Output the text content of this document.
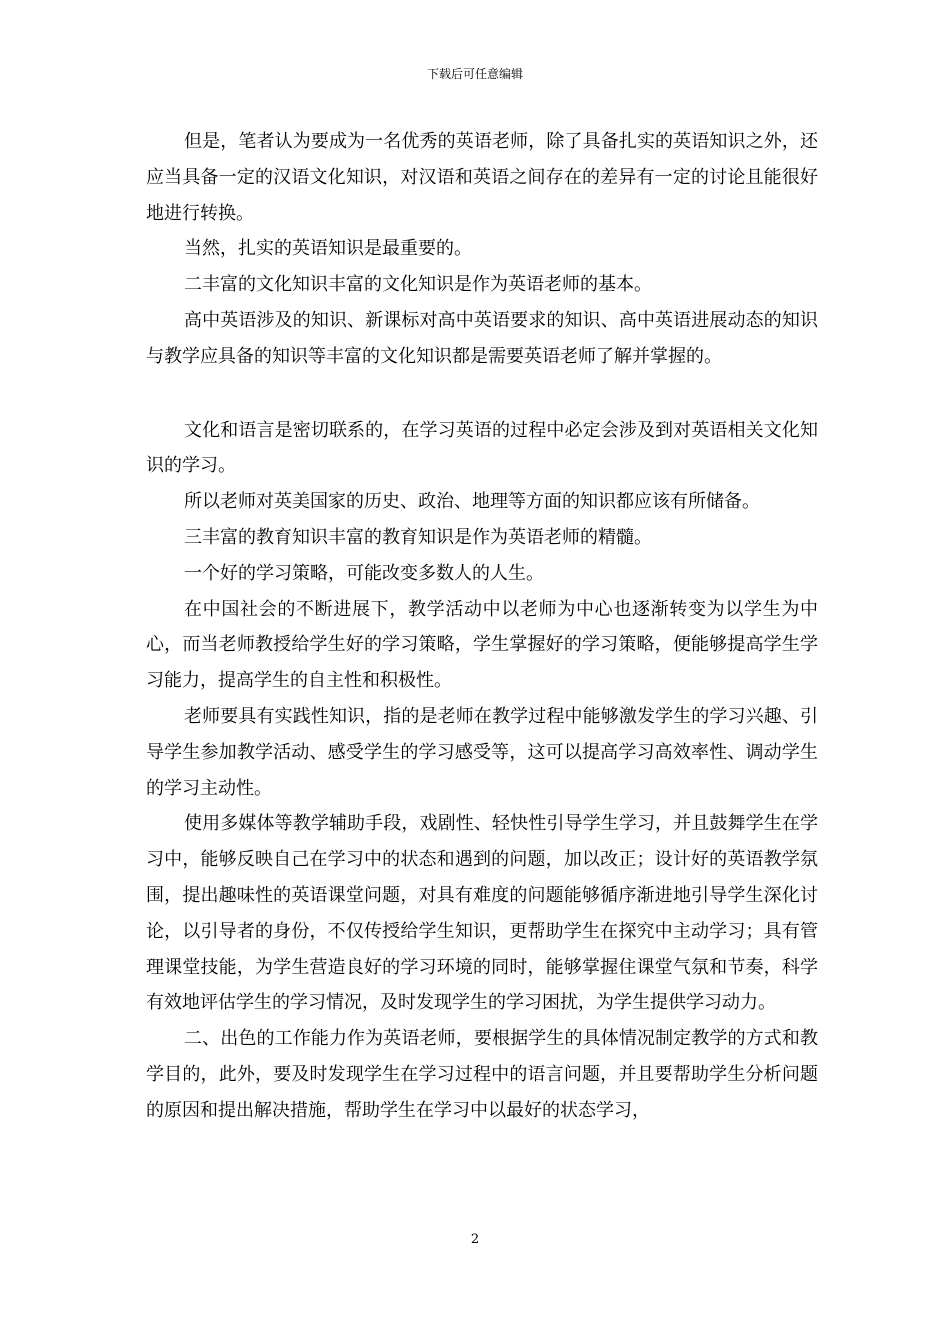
下载后可任意编辑

但是，笔者认为要成为一名优秀的英语老师，除了具备扎实的英语知识之外，还应当具备一定的汉语文化知识，对汉语和英语之间存在的差异有一定的讨论且能很好地进行转换。

当然，扎实的英语知识是最重要的。

二丰富的文化知识丰富的文化知识是作为英语老师的基本。

高中英语涉及的知识、新课标对高中英语要求的知识、高中英语进展动态的知识与教学应具备的知识等丰富的文化知识都是需要英语老师了解并掌握的。

文化和语言是密切联系的，在学习英语的过程中必定会涉及到对英语相关文化知识的学习。

所以老师对英美国家的历史、政治、地理等方面的知识都应该有所储备。

三丰富的教育知识丰富的教育知识是作为英语老师的精髓。

一个好的学习策略，可能改变多数人的人生。

在中国社会的不断进展下，教学活动中以老师为中心也逐渐转变为以学生为中心，而当老师教授给学生好的学习策略，学生掌握好的学习策略，便能够提高学生学习能力，提高学生的自主性和积极性。

老师要具有实践性知识，指的是老师在教学过程中能够激发学生的学习兴趣、引导学生参加教学活动、感受学生的学习感受等，这可以提高学习高效率性、调动学生的学习主动性。

使用多媒体等教学辅助手段，戏剧性、轻快性引导学生学习，并且鼓舞学生在学习中，能够反映自己在学习中的状态和遇到的问题，加以改正；设计好的英语教学氛围，提出趣味性的英语课堂问题，对具有难度的问题能够循序渐进地引导学生深化讨论，以引导者的身份，不仅传授给学生知识，更帮助学生在探究中主动学习；具有管理课堂技能，为学生营造良好的学习环境的同时，能够掌握住课堂气氛和节奏，科学有效地评估学生的学习情况，及时发现学生的学习困扰，为学生提供学习动力。

二、出色的工作能力作为英语老师，要根据学生的具体情况制定教学的方式和教学目的，此外，要及时发现学生在学习过程中的语言问题，并且要帮助学生分析问题的原因和提出解决措施，帮助学生在学习中以最好的状态学习，

2
